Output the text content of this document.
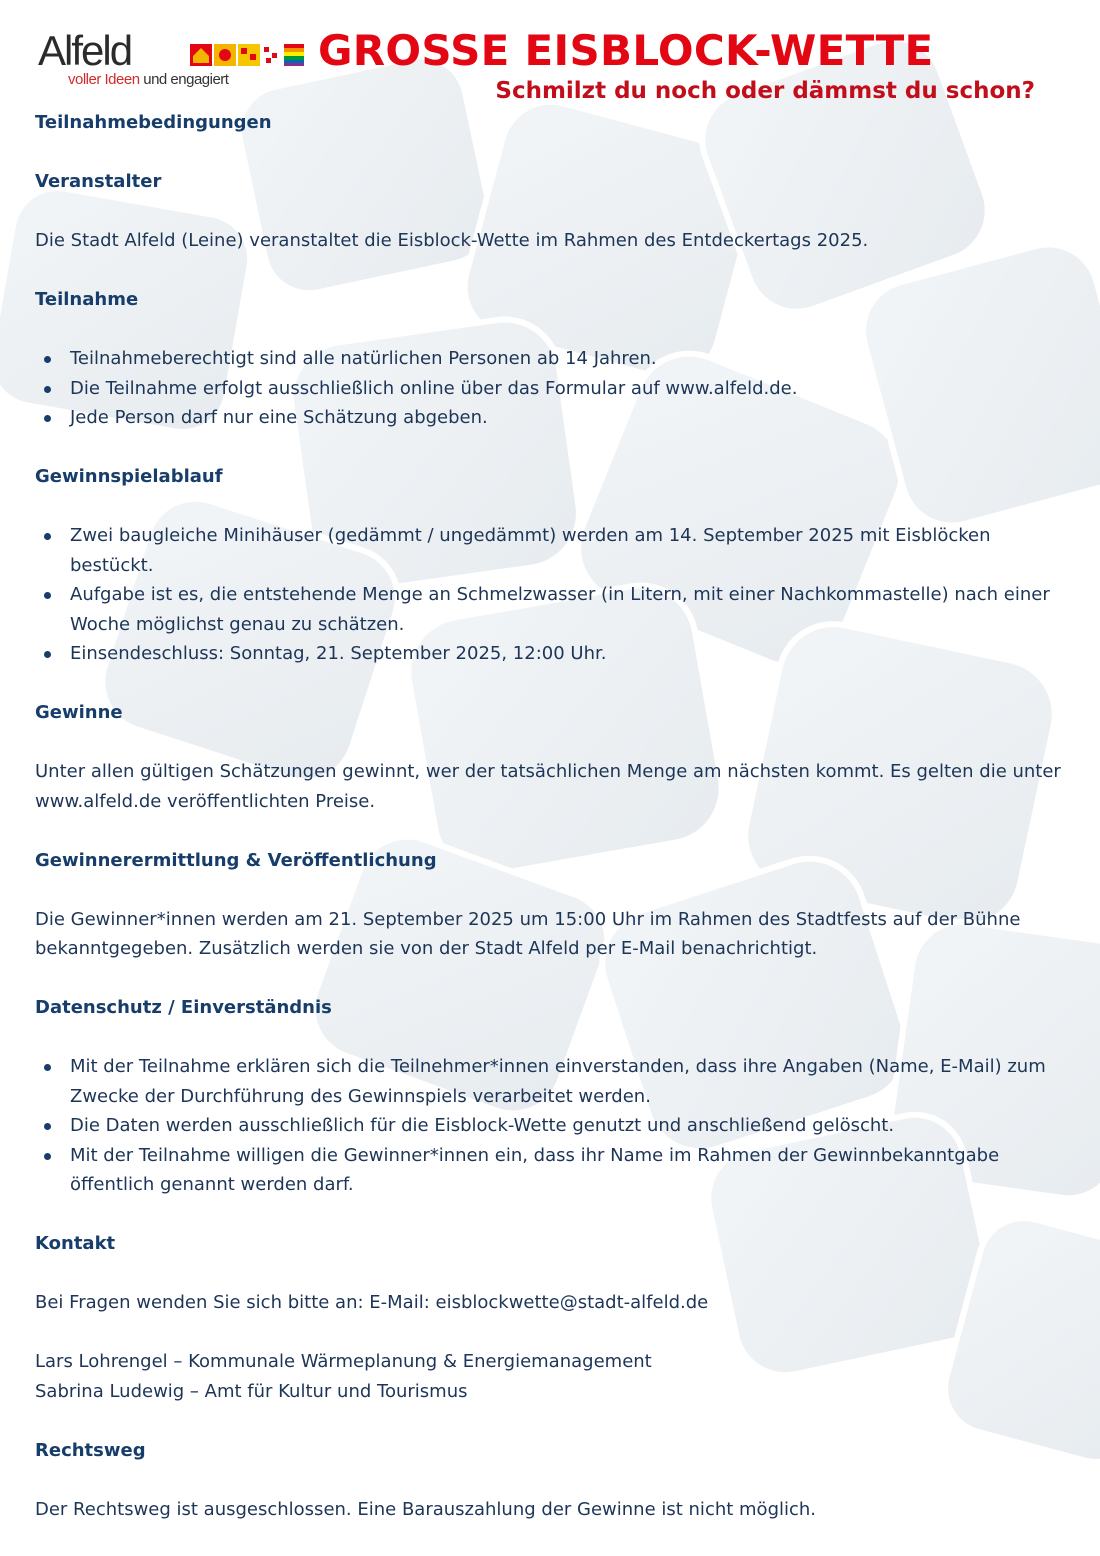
Alfeld
voller Ideen und engagiert
GROSSE EISBLOCK-WETTE
Schmilzt du noch oder dämmst du schon?
Teilnahmebedingungen
Veranstalter

Die Stadt Alfeld (Leine) veranstaltet die Eisblock-Wette im Rahmen des Entdeckertags 2025.

Teilnahme
Teilnahmeberechtigt sind alle natürlichen Personen ab 14 Jahren.
Die Teilnahme erfolgt ausschließlich online über das Formular auf www.alfeld.de.
Jede Person darf nur eine Schätzung abgeben.
Gewinnspielablauf
Zwei baugleiche Minihäuser (gedämmt / ungedämmt) werden am 14. September 2025 mit Eisblöcken bestückt.
Aufgabe ist es, die entstehende Menge an Schmelzwasser (in Litern, mit einer Nachkommastelle) nach einer Woche möglichst genau zu schätzen.
Einsendeschluss: Sonntag, 21. September 2025, 12:00 Uhr.
Gewinne

Unter allen gültigen Schätzungen gewinnt, wer der tatsächlichen Menge am nächsten kommt. Es gelten die unter www.alfeld.de veröffentlichten Preise.

Gewinnerermittlung & Veröffentlichung

Die Gewinner*innen werden am 21. September 2025 um 15:00 Uhr im Rahmen des Stadtfests auf der Bühne bekanntgegeben. Zusätzlich werden sie von der Stadt Alfeld per E-Mail benachrichtigt.

Datenschutz / Einverständnis
Mit der Teilnahme erklären sich die Teilnehmer*innen einverstanden, dass ihre Angaben (Name, E-Mail) zum Zwecke der Durchführung des Gewinnspiels verarbeitet werden.
Die Daten werden ausschließlich für die Eisblock-Wette genutzt und anschließend gelöscht.
Mit der Teilnahme willigen die Gewinner*innen ein, dass ihr Name im Rahmen der Gewinnbekanntgabe öffentlich genannt werden darf.
Kontakt

Bei Fragen wenden Sie sich bitte an: E-Mail: eisblockwette@stadt-alfeld.de

Lars Lohrengel – Kommunale Wärmeplanung & Energiemanagement

Sabrina Ludewig – Amt für Kultur und Tourismus

Rechtsweg

Der Rechtsweg ist ausgeschlossen. Eine Barauszahlung der Gewinne ist nicht möglich.
